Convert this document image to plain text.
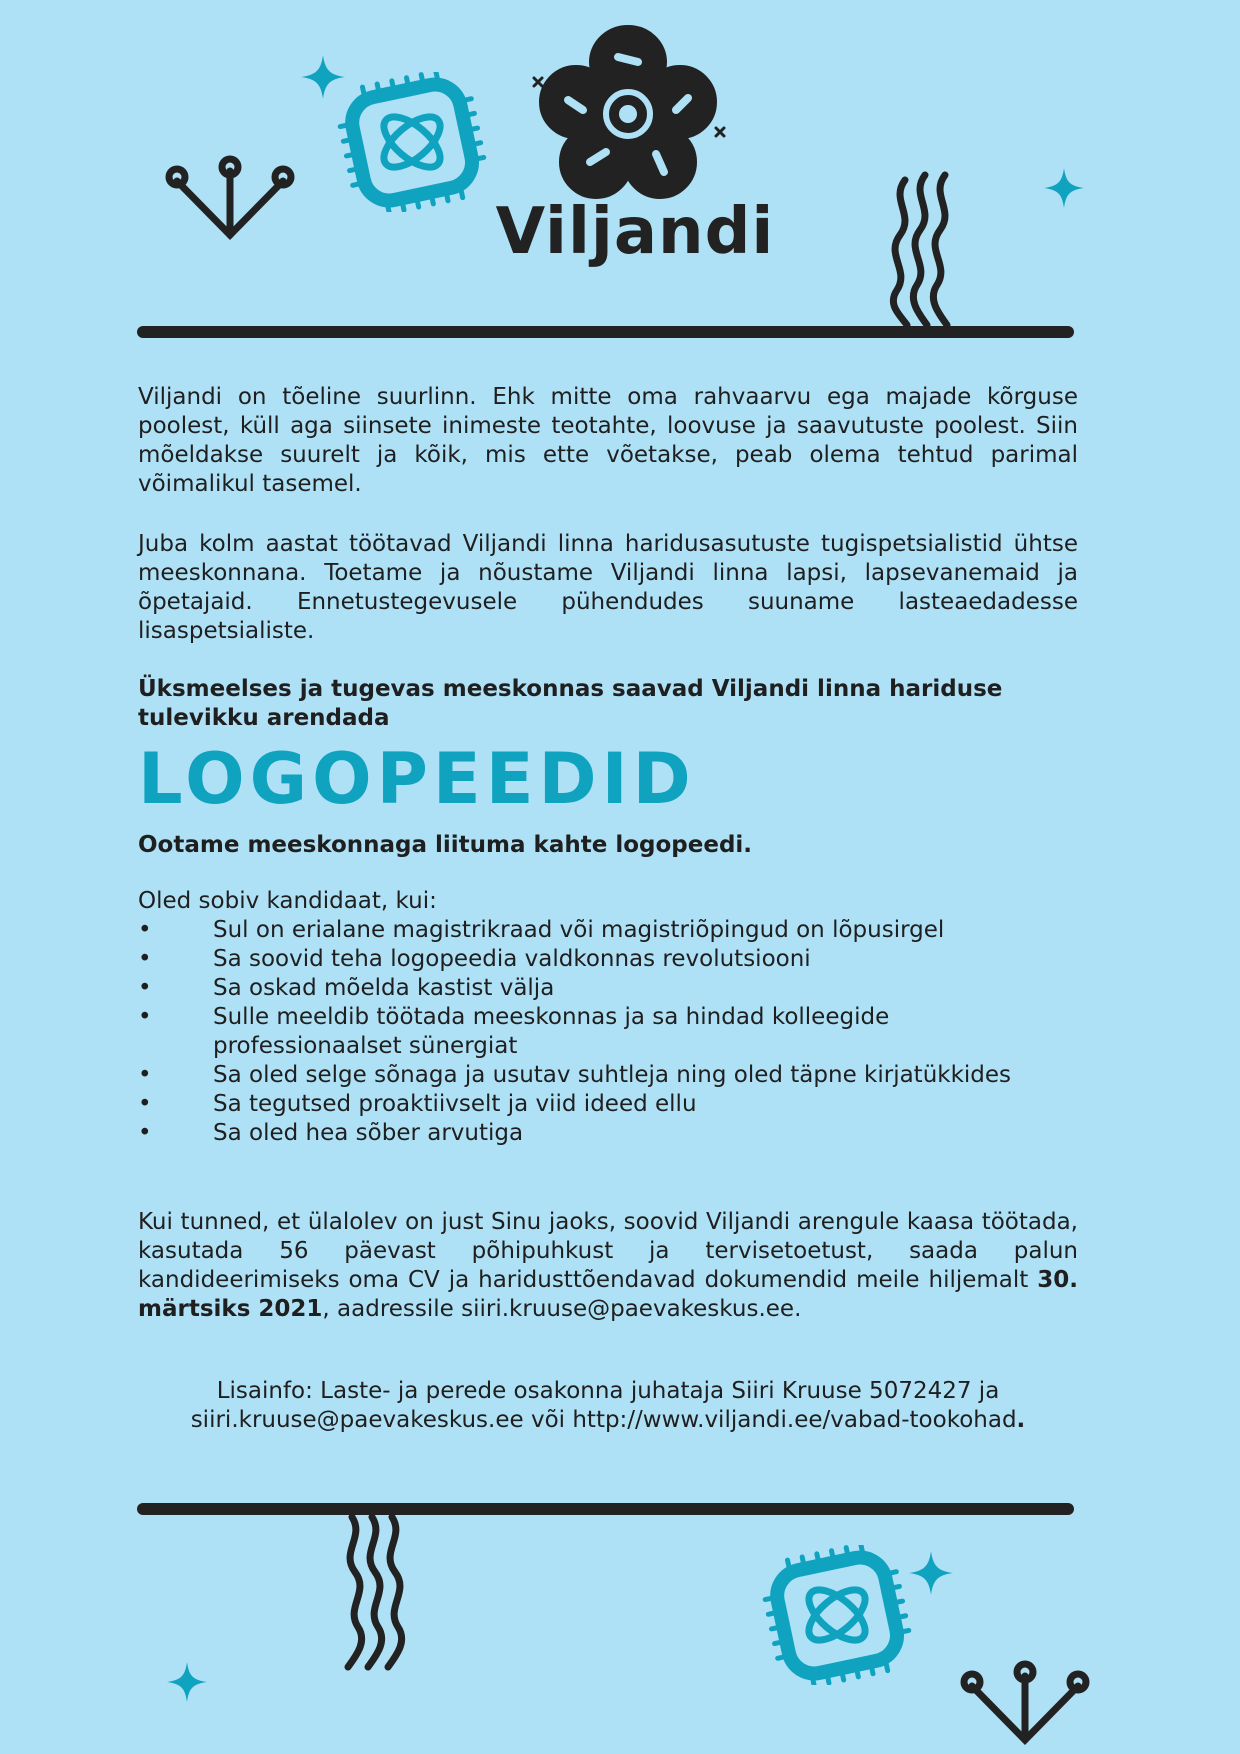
Viljandi

Viljandi on tõeline suurlinn. Ehk mitte oma rahvaarvu ega majade kõrguse poolest, küll aga siinsete inimeste teotahte, loovuse ja saavutuste poolest. Siin mõeldakse suurelt ja kõik, mis ette võetakse, peab olema tehtud parimal võimalikul tasemel.

Juba kolm aastat töötavad Viljandi linna haridusasutuste tugispetsialistid ühtse meeskonnana. Toetame ja nõustame Viljandi linna lapsi, lapsevanemaid ja õpetajaid. Ennetustegevusele pühendudes suuname lasteaedadesse lisaspetsialiste.

Üksmeelses ja tugevas meeskonnas saavad Viljandi linna hariduse tulevikku arendada

LOGOPEEDID

Ootame meeskonnaga liituma kahte logopeedi.

Oled sobiv kandidaat, kui:

•	Sul on erialane magistrikraad või magistriõpingud on lõpusirgel
•	Sa soovid teha logopeedia valdkonnas revolutsiooni
•	Sa oskad mõelda kastist välja
•	Sulle meeldib töötada meeskonnas ja sa hindad kolleegide professionaalset sünergiat
•	Sa oled selge sõnaga ja usutav suhtleja ning oled täpne kirjatükkides
•	Sa tegutsed proaktiivselt ja viid ideed ellu
•	Sa oled hea sõber arvutiga

Kui tunned, et ülalolev on just Sinu jaoks, soovid Viljandi arengule kaasa töötada, kasutada 56 päevast põhipuhkust ja tervisetoetust, saada palun kandideerimiseks oma CV ja haridusttõendavad dokumendid meile hiljemalt 30. märtsiks 2021, aadressile siiri.kruuse@paevakeskus.ee.

Lisainfo: Laste- ja perede osakonna juhataja Siiri Kruuse 5072427 ja
siiri.kruuse@paevakeskus.ee või http://www.viljandi.ee/vabad-tookohad.
